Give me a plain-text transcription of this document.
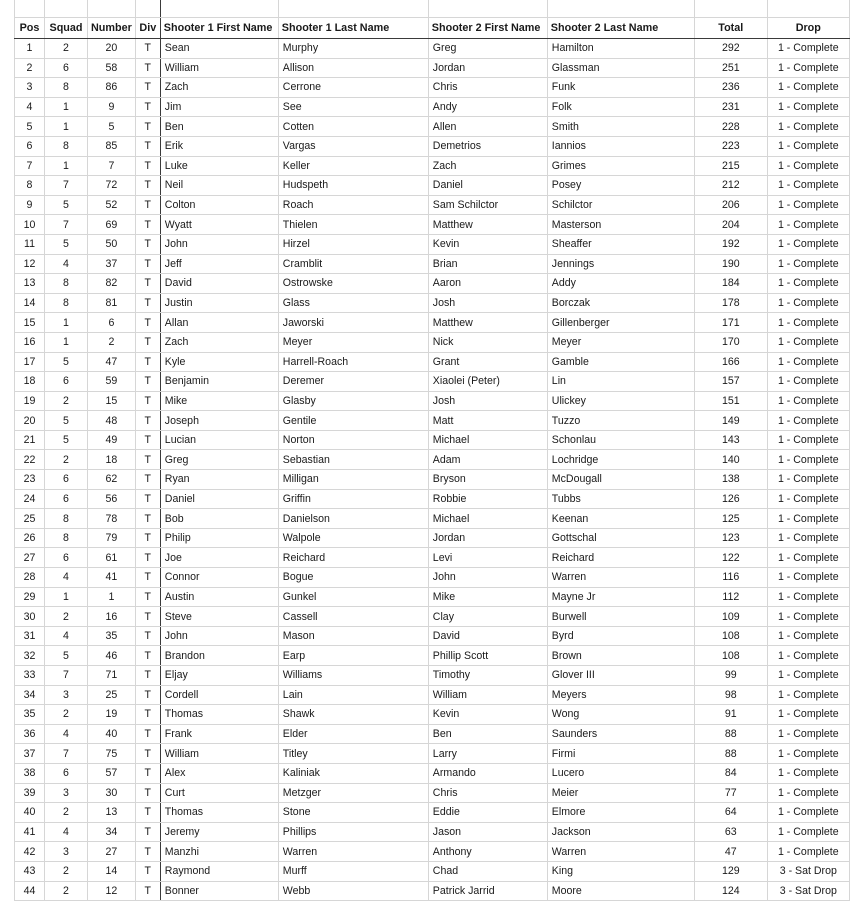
Pos	Squad	Number	Div	Shooter 1 First Name	Shooter 1 Last Name	Shooter 2 First Name	Shooter 2 Last Name	Total	Drop
1	2	20	T	Sean	Murphy	Greg	Hamilton	292	1 - Complete
2	6	58	T	William	Allison	Jordan	Glassman	251	1 - Complete
3	8	86	T	Zach	Cerrone	Chris	Funk	236	1 - Complete
4	1	9	T	Jim	See	Andy	Folk	231	1 - Complete
5	1	5	T	Ben	Cotten	Allen	Smith	228	1 - Complete
6	8	85	T	Erik	Vargas	Demetrios	Iannios	223	1 - Complete
7	1	7	T	Luke	Keller	Zach	Grimes	215	1 - Complete
8	7	72	T	Neil	Hudspeth	Daniel	Posey	212	1 - Complete
9	5	52	T	Colton	Roach	Sam Schilctor	Schilctor	206	1 - Complete
10	7	69	T	Wyatt	Thielen	Matthew	Masterson	204	1 - Complete
11	5	50	T	John	Hirzel	Kevin	Sheaffer	192	1 - Complete
12	4	37	T	Jeff	Cramblit	Brian	Jennings	190	1 - Complete
13	8	82	T	David	Ostrowske	Aaron	Addy	184	1 - Complete
14	8	81	T	Justin	Glass	Josh	Borczak	178	1 - Complete
15	1	6	T	Allan	Jaworski	Matthew	Gillenberger	171	1 - Complete
16	1	2	T	Zach	Meyer	Nick	Meyer	170	1 - Complete
17	5	47	T	Kyle	Harrell-Roach	Grant	Gamble	166	1 - Complete
18	6	59	T	Benjamin	Deremer	Xiaolei (Peter)	Lin	157	1 - Complete
19	2	15	T	Mike	Glasby	Josh	Ulickey	151	1 - Complete
20	5	48	T	Joseph	Gentile	Matt	Tuzzo	149	1 - Complete
21	5	49	T	Lucian	Norton	Michael	Schonlau	143	1 - Complete
22	2	18	T	Greg	Sebastian	Adam	Lochridge	140	1 - Complete
23	6	62	T	Ryan	Milligan	Bryson	McDougall	138	1 - Complete
24	6	56	T	Daniel	Griffin	Robbie	Tubbs	126	1 - Complete
25	8	78	T	Bob	Danielson	Michael	Keenan	125	1 - Complete
26	8	79	T	Philip	Walpole	Jordan	Gottschal	123	1 - Complete
27	6	61	T	Joe	Reichard	Levi	Reichard	122	1 - Complete
28	4	41	T	Connor	Bogue	John	Warren	116	1 - Complete
29	1	1	T	Austin	Gunkel	Mike	Mayne Jr	112	1 - Complete
30	2	16	T	Steve	Cassell	Clay	Burwell	109	1 - Complete
31	4	35	T	John	Mason	David	Byrd	108	1 - Complete
32	5	46	T	Brandon	Earp	Phillip Scott	Brown	108	1 - Complete
33	7	71	T	Eljay	Williams	Timothy	Glover III	99	1 - Complete
34	3	25	T	Cordell	Lain	William	Meyers	98	1 - Complete
35	2	19	T	Thomas	Shawk	Kevin	Wong	91	1 - Complete
36	4	40	T	Frank	Elder	Ben	Saunders	88	1 - Complete
37	7	75	T	William	Titley	Larry	Firmi	88	1 - Complete
38	6	57	T	Alex	Kaliniak	Armando	Lucero	84	1 - Complete
39	3	30	T	Curt	Metzger	Chris	Meier	77	1 - Complete
40	2	13	T	Thomas	Stone	Eddie	Elmore	64	1 - Complete
41	4	34	T	Jeremy	Phillips	Jason	Jackson	63	1 - Complete
42	3	27	T	Manzhi	Warren	Anthony	Warren	47	1 - Complete
43	2	14	T	Raymond	Murff	Chad	King	129	3 - Sat Drop
44	2	12	T	Bonner	Webb	Patrick Jarrid	Moore	124	3 - Sat Drop
